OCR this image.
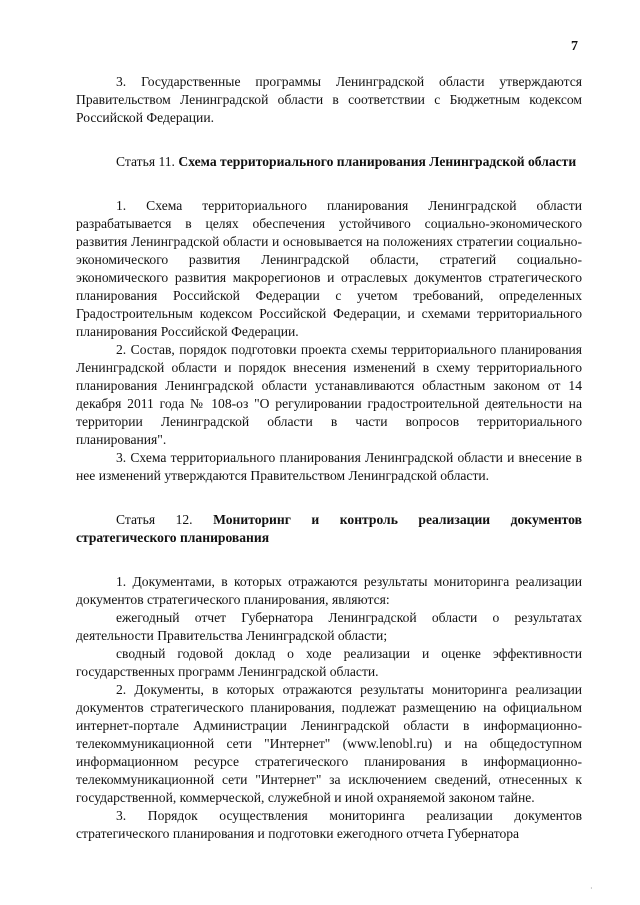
7

3. Государственные программы Ленинградской области утверждаются Правительством Ленинградской области в соответствии с Бюджетным кодексом Российской Федерации.

Статья 11. Схема территориального планирования Ленинградской области

1. Схема территориального планирования Ленинградской области разрабатывается в целях обеспечения устойчивого социально-экономического развития Ленинградской области и основывается на положениях стратегии социально-экономического развития Ленинградской области, стратегий социально-экономического развития макрорегионов и отраслевых документов стратегического планирования Российской Федерации с учетом требований, определенных Градостроительным кодексом Российской Федерации, и схемами территориального планирования Российской Федерации.

2. Состав, порядок подготовки проекта схемы территориального планирования Ленинградской области и порядок внесения изменений в схему территориального планирования Ленинградской области устанавливаются областным законом от 14 декабря 2011 года № 108-оз "О регулировании градостроительной деятельности на территории Ленинградской области в части вопросов территориального планирования".

3. Схема территориального планирования Ленинградской области и внесение в нее изменений утверждаются Правительством Ленинградской области.

Статья 12. Мониторинг и контроль реализации документов стратегического планирования

1. Документами, в которых отражаются результаты мониторинга реализации документов стратегического планирования, являются:

ежегодный отчет Губернатора Ленинградской области о результатах деятельности Правительства Ленинградской области;

сводный годовой доклад о ходе реализации и оценке эффективности государственных программ Ленинградской области.

2. Документы, в которых отражаются результаты мониторинга реализации документов стратегического планирования, подлежат размещению на официальном интернет-портале Администрации Ленинградской области в информационно-телекоммуникационной сети "Интернет" (www.lenobl.ru) и на общедоступном информационном ресурсе стратегического планирования в информационно-телекоммуникационной сети "Интернет" за исключением сведений, отнесенных к государственной, коммерческой, служебной и иной охраняемой законом тайне.

3. Порядок осуществления мониторинга реализации документов стратегического планирования и подготовки ежегодного отчета Губернатора

·
